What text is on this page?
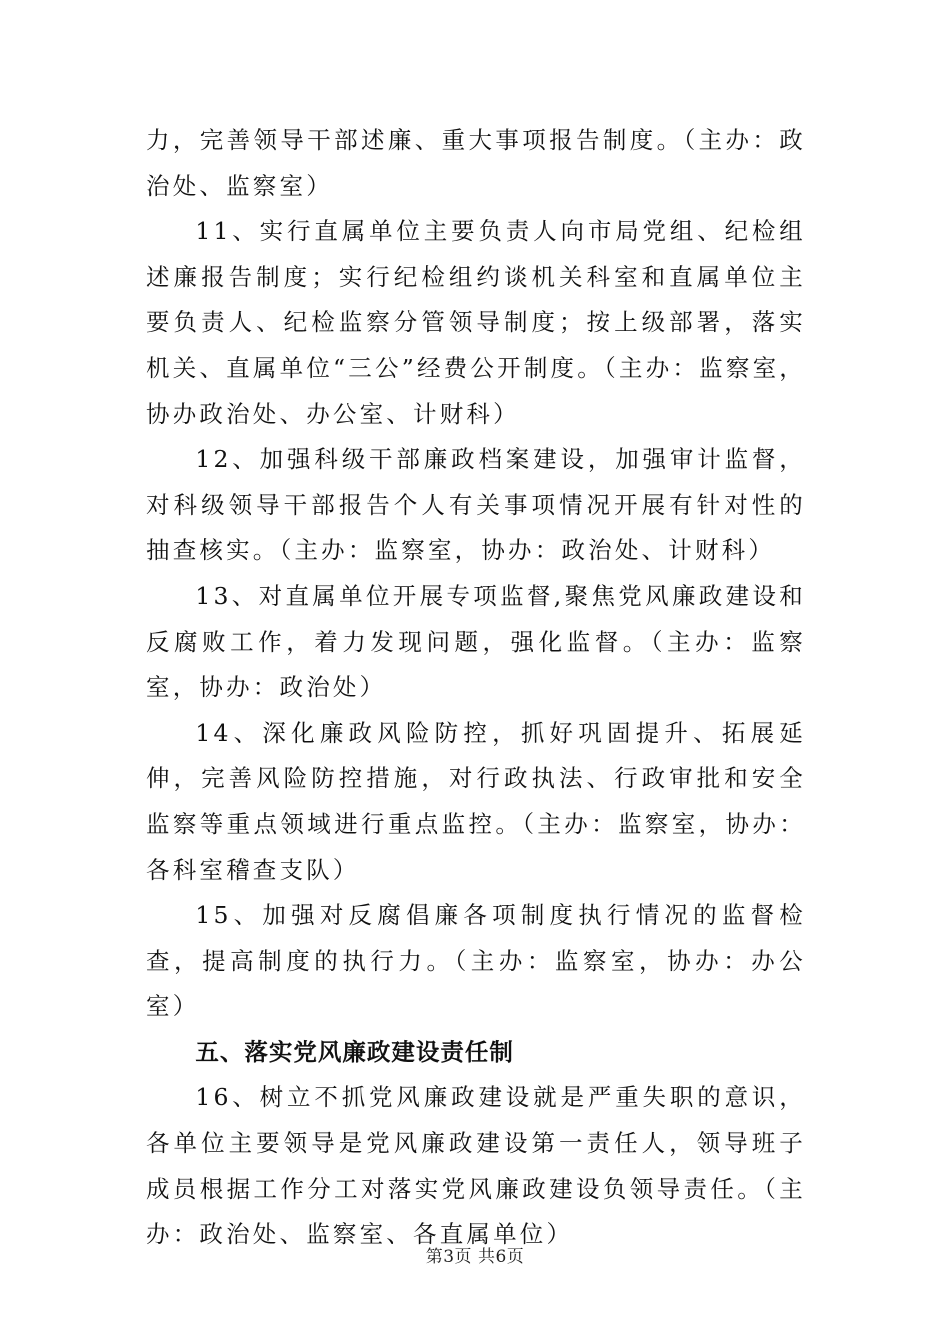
力，完善领导干部述廉、重大事项报告制度。（主办：政治处、监察室）

11、实行直属单位主要负责人向市局党组、纪检组述廉报告制度；实行纪检组约谈机关科室和直属单位主要负责人、纪检监察分管领导制度；按上级部署，落实机关、直属单位“三公”经费公开制度。（主办：监察室，协办政治处、办公室、计财科）

12、加强科级干部廉政档案建设，加强审计监督，对科级领导干部报告个人有关事项情况开展有针对性的抽查核实。（主办：监察室，协办：政治处、计财科）

13、对直属单位开展专项监督,聚焦党风廉政建设和反腐败工作，着力发现问题，强化监督。（主办：监察室，协办：政治处）

14、深化廉政风险防控，抓好巩固提升、拓展延伸，完善风险防控措施，对行政执法、行政审批和安全监察等重点领域进行重点监控。（主办：监察室，协办：各科室稽查支队）

15、加强对反腐倡廉各项制度执行情况的监督检查，提高制度的执行力。（主办：监察室，协办：办公室）

五、落实党风廉政建设责任制

16、树立不抓党风廉政建设就是严重失职的意识，各单位主要领导是党风廉政建设第一责任人，领导班子成员根据工作分工对落实党风廉政建设负领导责任。（主办：政治处、监察室、各直属单位）

第3页 共6页
